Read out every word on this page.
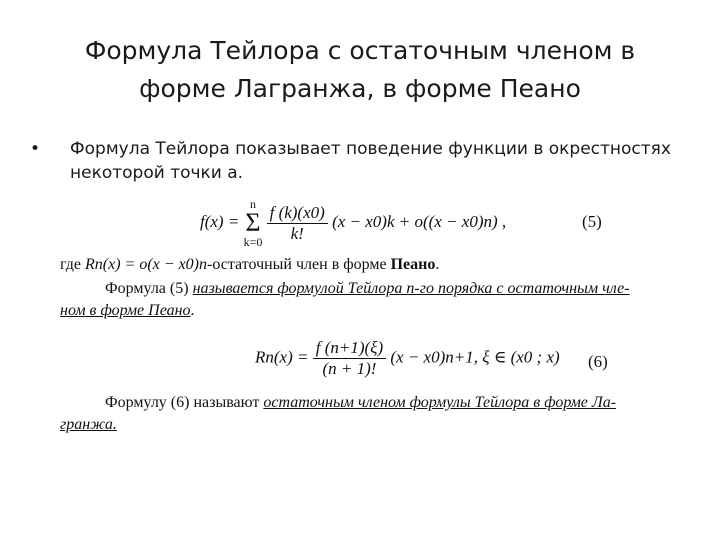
Формула Тейлора с остаточным членом в форме Лагранжа, в форме Пеано
• Формула Тейлора показывает поведение функции в окрестностях некоторой точки а.
f(x) = n
Σ
$k=0 \frac{f (k)(x0)}{k!} (x - x0)k + o((x - x0)n)$ ,	(5)
где Rn(x) = o(x − x0)n-остаточный член в форме Пеано.
Формула (5) называется формулой Тейлора n-го порядка с остаточным чле-
ном в форме Пеано.
$Rn(x) = \frac{f (n+1)(\xi)}{(n + 1)!} (x - x0)n+1$, ξ ∈ (x0 ; x) (6)
Формулу (6) называют остаточным членом формулы Тейлора в форме Ла-
гранжа.
